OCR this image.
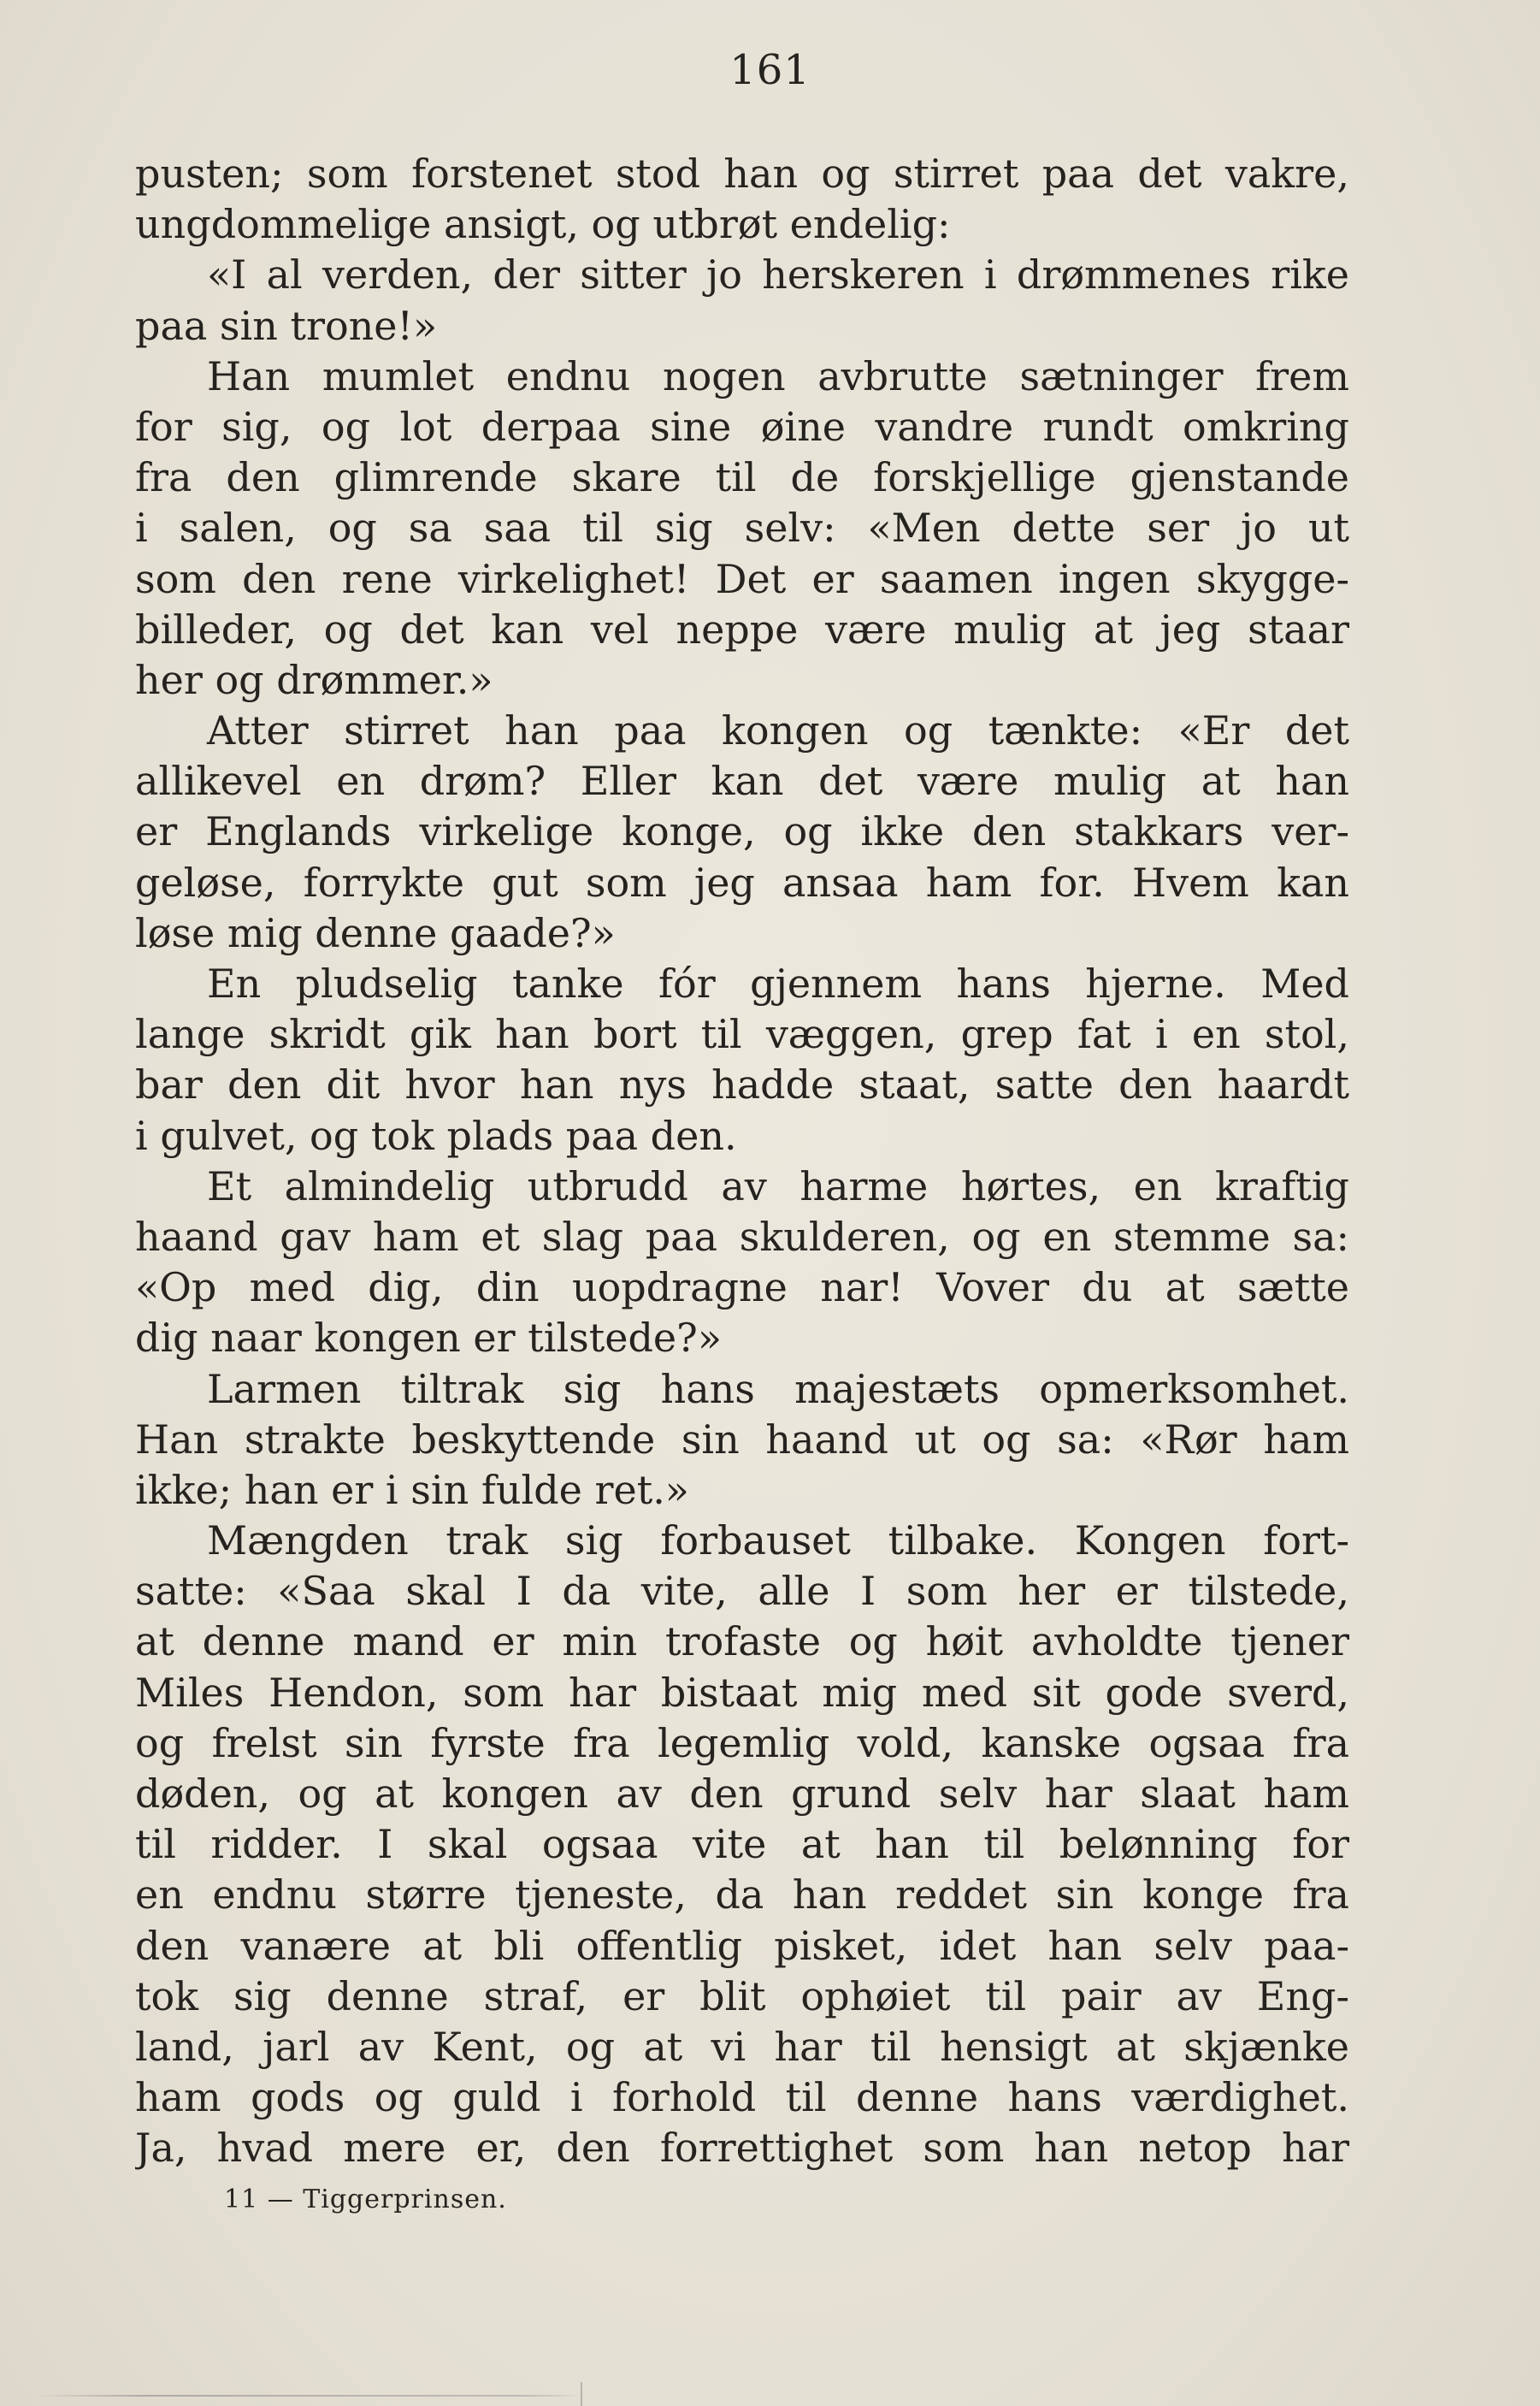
161
pusten; som forstenet stod han og stirret paa det vakre,
ungdommelige ansigt, og utbrøt endelig:
«I al verden, der sitter jo herskeren i drømmenes rike
paa sin trone!»
Han mumlet endnu nogen avbrutte sætninger frem
for sig, og lot derpaa sine øine vandre rundt omkring
fra den glimrende skare til de forskjellige gjenstande
i salen, og sa saa til sig selv: «Men dette ser jo ut
som den rene virkelighet! Det er saamen ingen skygge-
billeder, og det kan vel neppe være mulig at jeg staar
her og drømmer.»
Atter stirret han paa kongen og tænkte: «Er det
allikevel en drøm? Eller kan det være mulig at han
er Englands virkelige konge, og ikke den stakkars ver-
geløse, forrykte gut som jeg ansaa ham for. Hvem kan
løse mig denne gaade?»
En pludselig tanke fór gjennem hans hjerne. Med
lange skridt gik han bort til væggen, grep fat i en stol,
bar den dit hvor han nys hadde staat, satte den haardt
i gulvet, og tok plads paa den.
Et almindelig utbrudd av harme hørtes, en kraftig
haand gav ham et slag paa skulderen, og en stemme sa:
«Op med dig, din uopdragne nar! Vover du at sætte
dig naar kongen er tilstede?»
Larmen tiltrak sig hans majestæts opmerksomhet.
Han strakte beskyttende sin haand ut og sa: «Rør ham
ikke; han er i sin fulde ret.»
Mængden trak sig forbauset tilbake. Kongen fort-
satte: «Saa skal I da vite, alle I som her er tilstede,
at denne mand er min trofaste og høit avholdte tjener
Miles Hendon, som har bistaat mig med sit gode sverd,
og frelst sin fyrste fra legemlig vold, kanske ogsaa fra
døden, og at kongen av den grund selv har slaat ham
til ridder. I skal ogsaa vite at han til belønning for
en endnu større tjeneste, da han reddet sin konge fra
den vanære at bli offentlig pisket, idet han selv paa-
tok sig denne straf, er blit ophøiet til pair av Eng-
land, jarl av Kent, og at vi har til hensigt at skjænke
ham gods og guld i forhold til denne hans værdighet.
Ja, hvad mere er, den forrettighet som han netop har
11 — Tiggerprinsen.
